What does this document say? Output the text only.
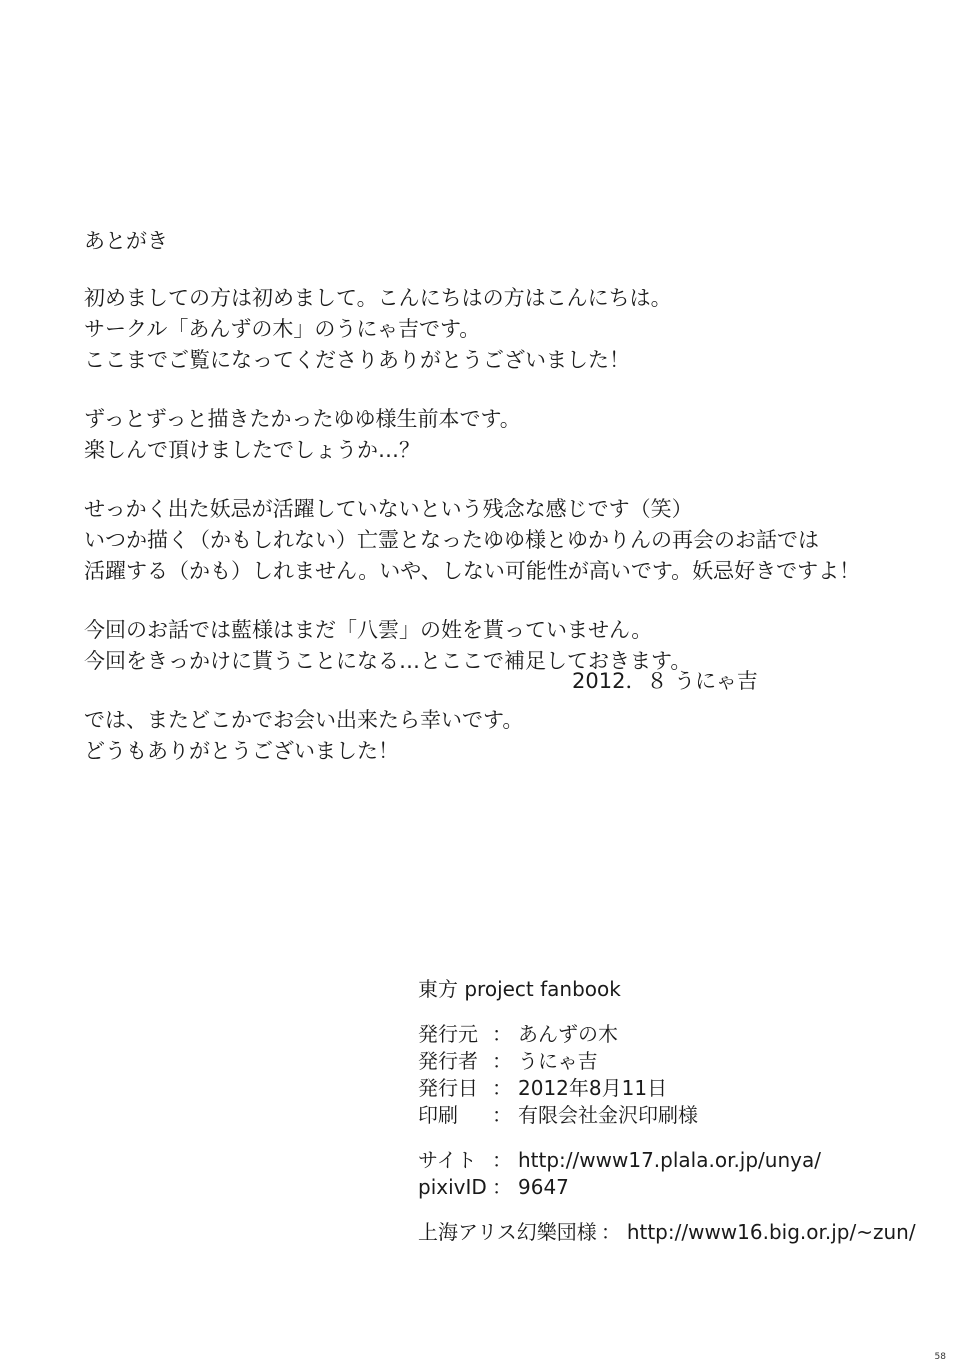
あとがき
初めましての方は初めまして。こんにちはの方はこんにちは。
サークル「あんずの木」のうにゃ吉です。
ここまでご覧になってくださりありがとうございました！
ずっとずっと描きたかったゆゆ様生前本です。
楽しんで頂けましたでしょうか…？
せっかく出た妖忌が活躍していないという残念な感じです（笑）
いつか描く（かもしれない）亡霊となったゆゆ様とゆかりんの再会のお話では
活躍する（かも）しれません。いや、しない可能性が高いです。妖忌好きですよ！
今回のお話では藍様はまだ「八雲」の姓を貰っていません。
今回をきっかけに貰うことになる…とここで補足しておきます。
では、またどこかでお会い出来たら幸いです。
どうもありがとうございました！
2012．８ うにゃ吉
東方 project fanbook
発行元 ： あんずの木
発行者 ： うにゃ吉
発行日 ： 2012年8月11日
印刷 ： 有限会社金沢印刷様
サイト ： http://www17.plala.or.jp/unya/
pixivID ： 9647
上海アリス幻樂団様 ： http://www16.big.or.jp/~zun/
58
